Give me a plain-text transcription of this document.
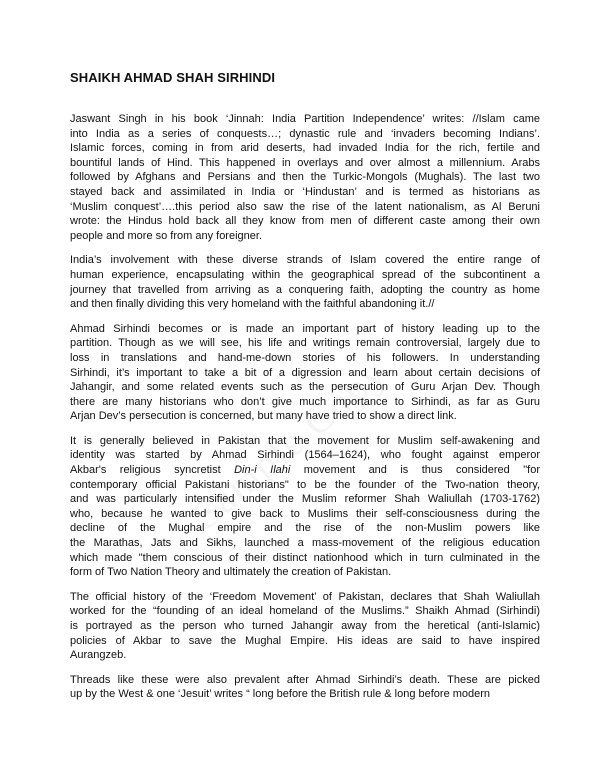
SHAIKH AHMAD SHAH SIRHINDI
Jaswant Singh in his book ‘Jinnah: India Partition Independence’ writes: //Islam came
into India as a series of conquests…; dynastic rule and ‘invaders becoming Indians’.
Islamic forces, coming in from arid deserts, had invaded India for the rich, fertile and
bountiful lands of Hind. This happened in overlays and over almost a millennium. Arabs
followed by Afghans and Persians and then the Turkic-Mongols (Mughals). The last two
stayed back and assimilated in India or ‘Hindustan’ and is termed as historians as
‘Muslim conquest’….this period also saw the rise of the latent nationalism, as Al Beruni
wrote: the Hindus hold back all they know from men of different caste among their own
people and more so from any foreigner.
India’s involvement with these diverse strands of Islam covered the entire range of
human experience, encapsulating within the geographical spread of the subcontinent a
journey that travelled from arriving as a conquering faith, adopting the country as home
and then finally dividing this very homeland with the faithful abandoning it.//
Ahmad Sirhindi becomes or is made an important part of history leading up to the
partition. Though as we will see, his life and writings remain controversial, largely due to
loss in translations and hand-me-down stories of his followers. In understanding
Sirhindi, it’s important to take a bit of a digression and learn about certain decisions of
Jahangir, and some related events such as the persecution of Guru Arjan Dev. Though
there are many historians who don’t give much importance to Sirhindi, as far as Guru
Arjan Dev’s persecution is concerned, but many have tried to show a direct link.
It is generally believed in Pakistan that the movement for Muslim self-awakening and
identity was started by Ahmad Sirhindi (1564–1624), who fought against emperor
Akbar's religious syncretist Din-i Ilahi movement and is thus considered "for
contemporary official Pakistani historians" to be the founder of the Two-nation theory,
and was particularly intensified under the Muslim reformer Shah Waliullah (1703-1762)
who, because he wanted to give back to Muslims their self-consciousness during the
decline of the Mughal empire and the rise of the non-Muslim powers like
the Marathas, Jats and Sikhs, launched a mass-movement of the religious education
which made "them conscious of their distinct nationhood which in turn culminated in the
form of Two Nation Theory and ultimately the creation of Pakistan.
The official history of the ‘Freedom Movement’ of Pakistan, declares that Shah Waliullah
worked for the “founding of an ideal homeland of the Muslims.” Shaikh Ahmad (Sirhindi)
is portrayed as the person who turned Jahangir away from the heretical (anti-Islamic)
policies of Akbar to save the Mughal Empire. His ideas are said to have inspired
Aurangzeb.
Threads like these were also prevalent after Ahmad Sirhindi’s death. These are picked
up by the West & one ‘Jesuit’ writes “ long before the British rule & long before modern
